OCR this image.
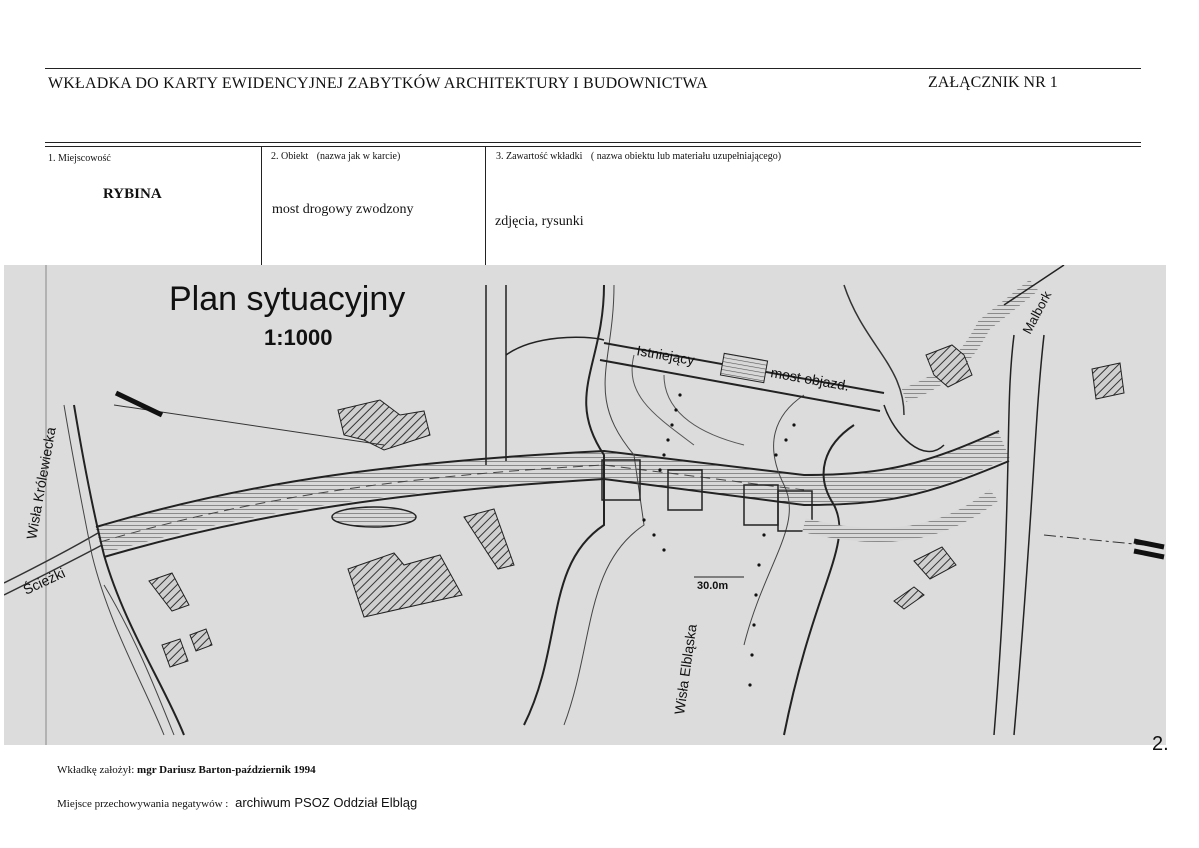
WKŁADKA DO KARTY EWIDENCYJNEJ ZABYTKÓW ARCHITEKTURY I BUDOWNICTWA	ZAŁĄCZNIK NR 1
1. Miejscowość
RYBINA
2. Obiekt (nazwa jak w karcie)
most drogowy zwodzony
3. Zawartość wkładki ( nazwa obiektu lub materiału uzupełniającego)
zdjęcia, rysunki
Plan sytuacyjny
1:1000
Istniejący
most objazd.
Malbork
Wisła Królewiecka
Ścieżki
Wisła Elbląska
30.0m
2.
Wkładkę założył: mgr Dariusz Barton-październik 1994
Miejsce przechowywania negatywów : archiwum PSOZ Oddział Elbląg
